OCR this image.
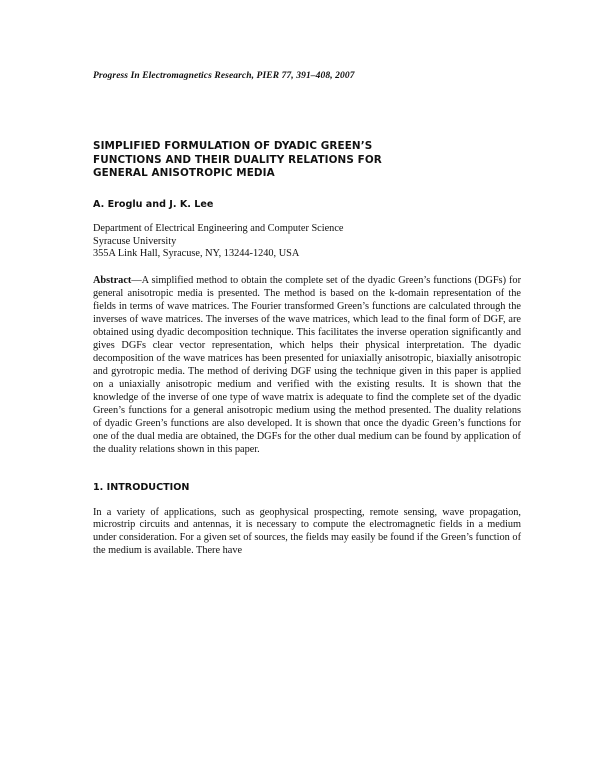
Progress In Electromagnetics Research, PIER 77, 391–408, 2007

SIMPLIFIED FORMULATION OF DYADIC GREEN’S
FUNCTIONS AND THEIR DUALITY RELATIONS FOR
GENERAL ANISOTROPIC MEDIA

A. Eroglu and J. K. Lee

Department of Electrical Engineering and Computer Science
Syracuse University
355A Link Hall, Syracuse, NY, 13244-1240, USA

Abstract—A simplified method to obtain the complete set of the dyadic Green’s functions (DGFs) for general anisotropic media is presented. The method is based on the k-domain representation of the fields in terms of wave matrices. The Fourier transformed Green’s functions are calculated through the inverses of wave matrices. The inverses of the wave matrices, which lead to the final form of DGF, are obtained using dyadic decomposition technique. This facilitates the inverse operation significantly and gives DGFs clear vector representation, which helps their physical interpretation. The dyadic decomposition of the wave matrices has been presented for uniaxially anisotropic, biaxially anisotropic and gyrotropic media. The method of deriving DGF using the technique given in this paper is applied on a uniaxially anisotropic medium and verified with the existing results. It is shown that the knowledge of the inverse of one type of wave matrix is adequate to find the complete set of the dyadic Green’s functions for a general anisotropic medium using the method presented. The duality relations of dyadic Green’s functions are also developed. It is shown that once the dyadic Green’s functions for one of the dual media are obtained, the DGFs for the other dual medium can be found by application of the duality relations shown in this paper.

1. INTRODUCTION

In a variety of applications, such as geophysical prospecting, remote sensing, wave propagation, microstrip circuits and antennas, it is necessary to compute the electromagnetic fields in a medium under consideration. For a given set of sources, the fields may easily be found if the Green’s function of the medium is available. There have
